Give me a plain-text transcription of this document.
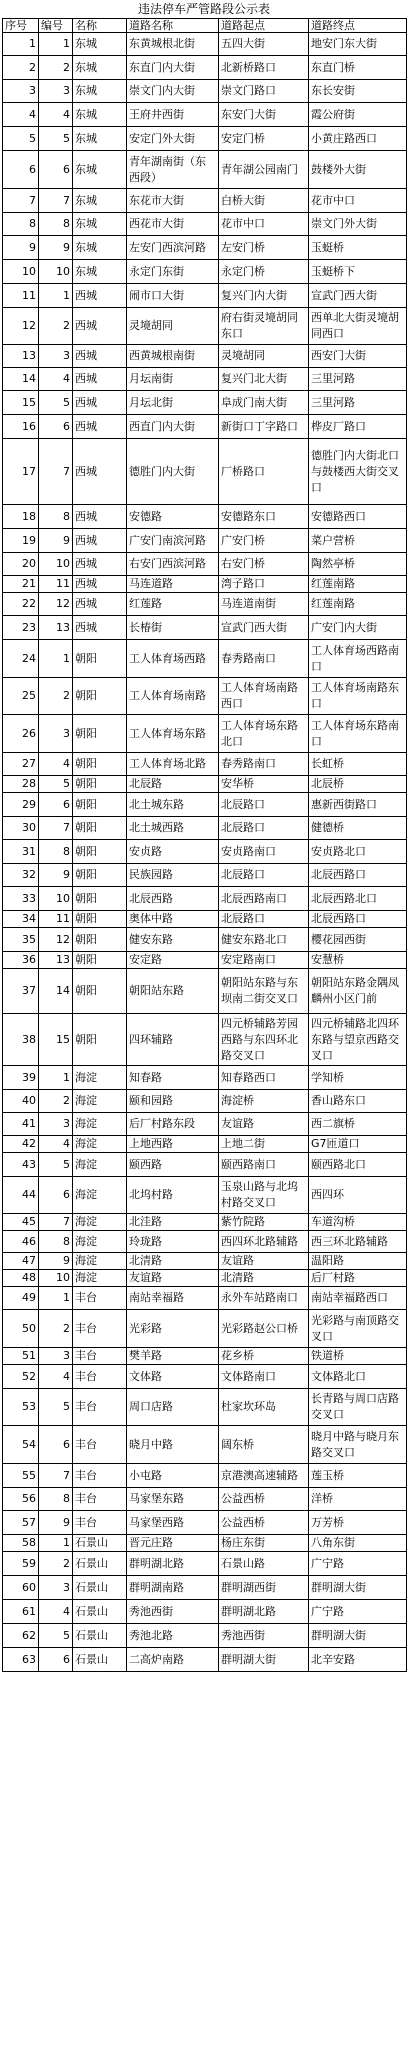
违法停车严管路段公示表
序号	编号	名称	道路名称	道路起点	道路终点
1	1	东城	东黄城根北街	五四大街	地安门东大街
2	2	东城	东直门内大街	北新桥路口	东直门桥
3	3	东城	崇文门内大街	崇文门路口	东长安街
4	4	东城	王府井西街	东安门大街	霞公府街
5	5	东城	安定门外大街	安定门桥	小黄庄路西口
6	6	东城	青年湖南街（东西段）	青年湖公园南门	鼓楼外大街
7	7	东城	东花市大街	白桥大街	花市中口
8	8	东城	西花市大街	花市中口	崇文门外大街
9	9	东城	左安门西滨河路	左安门桥	玉蜓桥
10	10	东城	永定门东街	永定门桥	玉蜓桥下
11	1	西城	闹市口大街	复兴门内大街	宣武门西大街
12	2	西城	灵境胡同	府右街灵境胡同东口	西单北大街灵境胡同西口
13	3	西城	西黄城根南街	灵境胡同	西安门大街
14	4	西城	月坛南街	复兴门北大街	三里河路
15	5	西城	月坛北街	阜成门南大街	三里河路
16	6	西城	西直门内大街	新街口丁字路口	桦皮厂路口
17	7	西城	德胜门内大街	厂桥路口	德胜门内大街北口与鼓楼西大街交叉口
18	8	西城	安德路	安德路东口	安德路西口
19	9	西城	广安门南滨河路	广安门桥	菜户营桥
20	10	西城	右安门西滨河路	右安门桥	陶然亭桥
21	11	西城	马连道路	湾子路口	红莲南路
22	12	西城	红莲路	马连道南街	红莲南路
23	13	西城	长椿街	宣武门西大街	广安门内大街
24	1	朝阳	工人体育场西路	春秀路南口	工人体育场西路南口
25	2	朝阳	工人体育场南路	工人体育场南路西口	工人体育场南路东口
26	3	朝阳	工人体育场东路	工人体育场东路北口	工人体育场东路南口
27	4	朝阳	工人体育场北路	春秀路南口	长虹桥
28	5	朝阳	北辰路	安华桥	北辰桥
29	6	朝阳	北土城东路	北辰路口	惠新西街路口
30	7	朝阳	北土城西路	北辰路口	健德桥
31	8	朝阳	安贞路	安贞路南口	安贞路北口
32	9	朝阳	民族园路	北辰路口	北辰西路口
33	10	朝阳	北辰西路	北辰西路南口	北辰西路北口
34	11	朝阳	奥体中路	北辰路口	北辰西路口
35	12	朝阳	健安东路	健安东路北口	樱花园西街
36	13	朝阳	安定路	安定路南口	安慧桥
37	14	朝阳	朝阳站东路	朝阳站东路与东坝南二街交叉口	朝阳站东路金隅凤麟州小区门前
38	15	朝阳	四环辅路	四元桥辅路芳园西路与东四环北路交叉口	四元桥辅路北四环东路与望京西路交叉口
39	1	海淀	知春路	知春路西口	学知桥
40	2	海淀	颐和园路	海淀桥	香山路东口
41	3	海淀	后厂村路东段	友谊路	西二旗桥
42	4	海淀	上地西路	上地二街	G7匝道口
43	5	海淀	颐西路	颐西路南口	颐西路北口
44	6	海淀	北坞村路	玉泉山路与北坞村路交叉口	西四环
45	7	海淀	北洼路	紫竹院路	车道沟桥
46	8	海淀	玲珑路	西四环北路辅路	西三环北路辅路
47	9	海淀	北清路	友谊路	温阳路
48	10	海淀	友谊路	北清路	后厂村路
49	1	丰台	南站幸福路	永外车站路南口	南站幸福路西口
50	2	丰台	光彩路	光彩路赵公口桥	光彩路与南顶路交叉口
51	3	丰台	樊羊路	花乡桥	铁道桥
52	4	丰台	文体路	文体路南口	文体路北口
53	5	丰台	周口店路	杜家坎环岛	长青路与周口店路交叉口
54	6	丰台	晓月中路	阔东桥	晓月中路与晓月东路交叉口
55	7	丰台	小屯路	京港澳高速辅路	莲玉桥
56	8	丰台	马家堡东路	公益西桥	洋桥
57	9	丰台	马家堡西路	公益西桥	万芳桥
58	1	石景山	晋元庄路	杨庄东街	八角东街
59	2	石景山	群明湖北路	石景山路	广宁路
60	3	石景山	群明湖南路	群明湖西街	群明湖大街
61	4	石景山	秀池西街	群明湖北路	广宁路
62	5	石景山	秀池北路	秀池西街	群明湖大街
63	6	石景山	二高炉南路	群明湖大街	北辛安路
